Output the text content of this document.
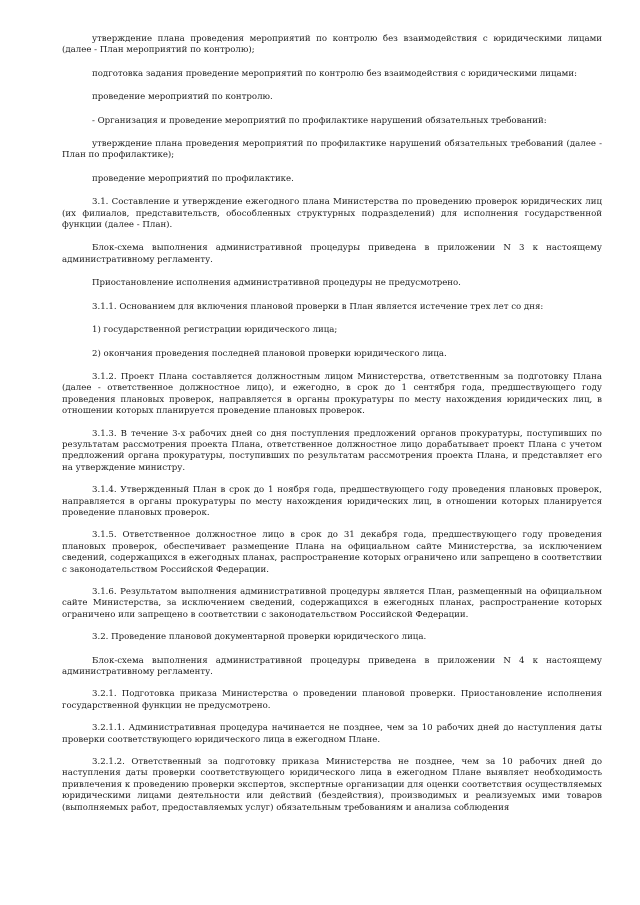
утверждение плана проведения мероприятий по контролю без взаимодействия с юридическими лицами (далее - План мероприятий по контролю);

подготовка задания проведение мероприятий по контролю без взаимодействия с юридическими лицами:

проведение мероприятий по контролю.

- Организация и проведение мероприятий по профилактике нарушений обязательных требований:

утверждение плана проведения мероприятий по профилактике нарушений обязательных требований (далее - План по профилактике);

проведение мероприятий по профилактике.

3.1. Составление и утверждение ежегодного плана Министерства по проведению проверок юридических лиц (их филиалов, представительств, обособленных структурных подразделений) для исполнения государственной функции (далее - План).

Блок-схема выполнения административной процедуры приведена в приложении N 3 к настоящему административному регламенту.

Приостановление исполнения административной процедуры не предусмотрено.

3.1.1. Основанием для включения плановой проверки в План является истечение трех лет со дня:

1) государственной регистрации юридического лица;

2) окончания проведения последней плановой проверки юридического лица.

3.1.2. Проект Плана составляется должностным лицом Министерства, ответственным за подготовку Плана (далее - ответственное должностное лицо), и ежегодно, в срок до 1 сентября года, предшествующего году проведения плановых проверок, направляется в органы прокуратуры по месту нахождения юридических лиц, в отношении которых планируется проведение плановых проверок.

3.1.3. В течение 3-х рабочих дней со дня поступления предложений органов прокуратуры, поступивших по результатам рассмотрения проекта Плана, ответственное должностное лицо дорабатывает проект Плана с учетом предложений органа прокуратуры, поступивших по результатам рассмотрения проекта Плана, и представляет его на утверждение министру.

3.1.4. Утвержденный План в срок до 1 ноября года, предшествующего году проведения плановых проверок, направляется в органы прокуратуры по месту нахождения юридических лиц, в отношении которых планируется проведение плановых проверок.

3.1.5. Ответственное должностное лицо в срок до 31 декабря года, предшествующего году проведения плановых проверок, обеспечивает размещение Плана на официальном сайте Министерства, за исключением сведений, содержащихся в ежегодных планах, распространение которых ограничено или запрещено в соответствии с законодательством Российской Федерации.

3.1.6. Результатом выполнения административной процедуры является План, размещенный на официальном сайте Министерства, за исключением сведений, содержащихся в ежегодных планах, распространение которых ограничено или запрещено в соответствии с законодательством Российской Федерации.

3.2. Проведение плановой документарной проверки юридического лица.

Блок-схема выполнения административной процедуры приведена в приложении N 4 к настоящему административному регламенту.

3.2.1. Подготовка приказа Министерства о проведении плановой проверки. Приостановление исполнения государственной функции не предусмотрено.

3.2.1.1. Административная процедура начинается не позднее, чем за 10 рабочих дней до наступления даты проверки соответствующего юридического лица в ежегодном Плане.

3.2.1.2. Ответственный за подготовку приказа Министерства не позднее, чем за 10 рабочих дней до наступления даты проверки соответствующего юридического лица в ежегодном Плане выявляет необходимость привлечения к проведению проверки экспертов, экспертные организации для оценки соответствия осуществляемых юридическими лицами деятельности или действий (бездействия), производимых и реализуемых ими товаров (выполняемых работ, предоставляемых услуг) обязательным требованиям и анализа соблюдения
